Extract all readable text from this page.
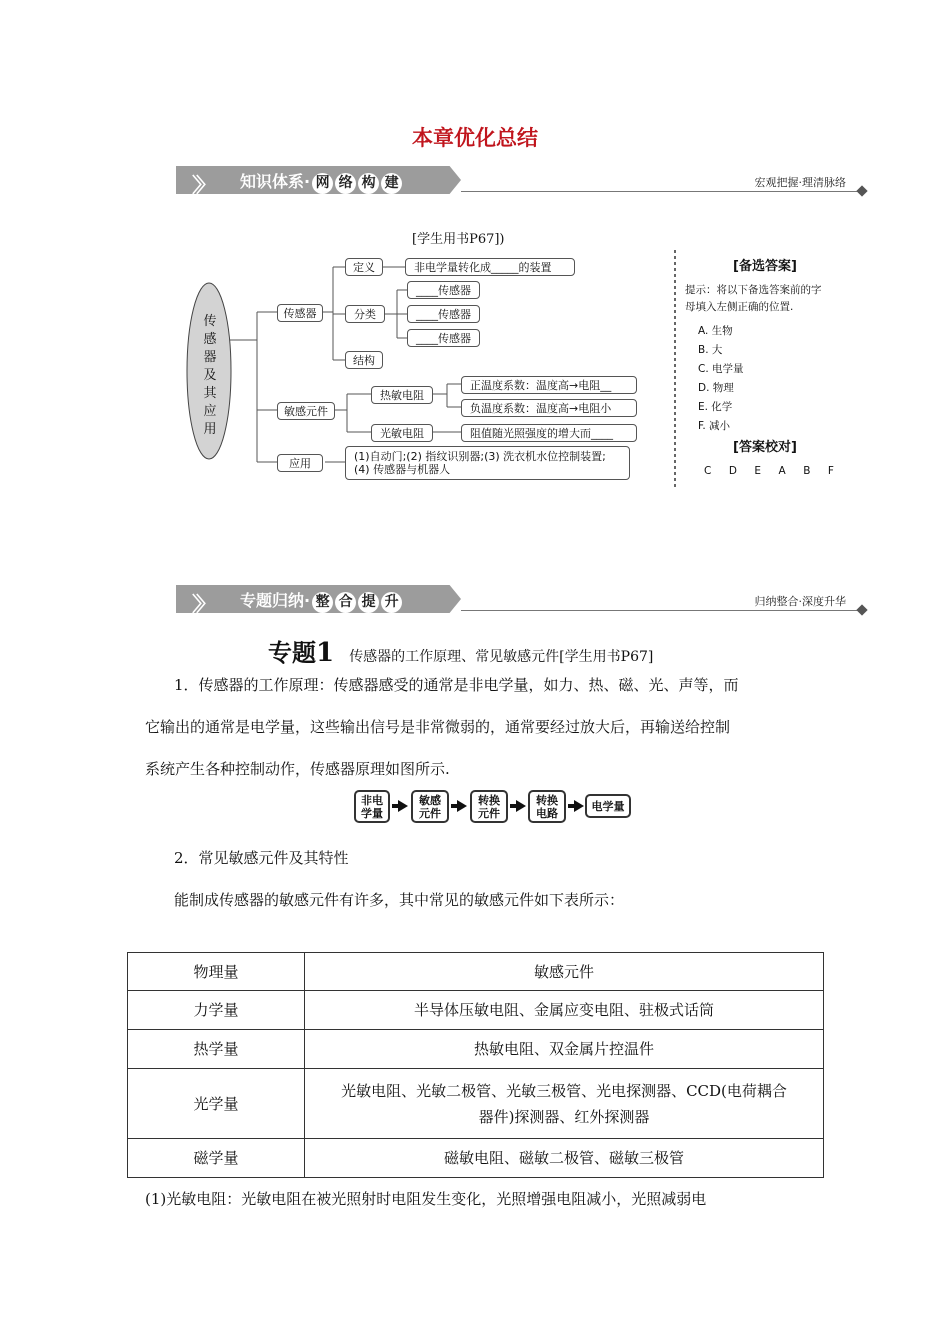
本章优化总结
〉〉 知识体系· 网 络 构 建	宏观把握·理清脉络
[学生用书P67])
传
感
器
及
其
应
用
传感器
定义	非电学量转化成_____的装置
分类
____传感器
____传感器
____传感器
结构
敏感元件
热敏电阻
光敏电阻
正温度系数：温度高→电阻__
负温度系数：温度高→电阻小
阻值随光照强度的增大而____
应用
(1)自动门;(2) 指纹识别器;(3) 洗衣机水位控制装置;
(4) 传感器与机器人
[备选答案]
提示：将以下备选答案前的字
母填入左侧正确的位置.
A. 生物
B. 大
C. 电学量
D. 物理
E. 化学
F. 减小
[答案校对]
C D E A B F
〉〉 专题归纳· 整 合 提 升	归纳整合·深度升华
专题1 传感器的工作原理、常见敏感元件[学生用书P67]
1．传感器的工作原理：传感器感受的通常是非电学量，如力、热、磁、光、声等，而
它输出的通常是电学量，这些输出信号是非常微弱的，通常要经过放大后，再输送给控制
系统产生各种控制动作，传感器原理如图所示.
非电
学量
敏感
元件
转换
元件
转换
电路
电学量
2．常见敏感元件及其特性
能制成传感器的敏感元件有许多，其中常见的敏感元件如下表所示：
物理量	敏感元件
力学量	半导体压敏电阻、金属应变电阻、驻极式话筒
热学量	热敏电阻、双金属片控温件
光学量	光敏电阻、光敏二极管、光敏三极管、光电探测器、CCD(电荷耦合
器件)探测器、红外探测器

磁学量	磁敏电阻、磁敏二极管、磁敏三极管
(1)光敏电阻：光敏电阻在被光照射时电阻发生变化，光照增强电阻减小，光照减弱电
